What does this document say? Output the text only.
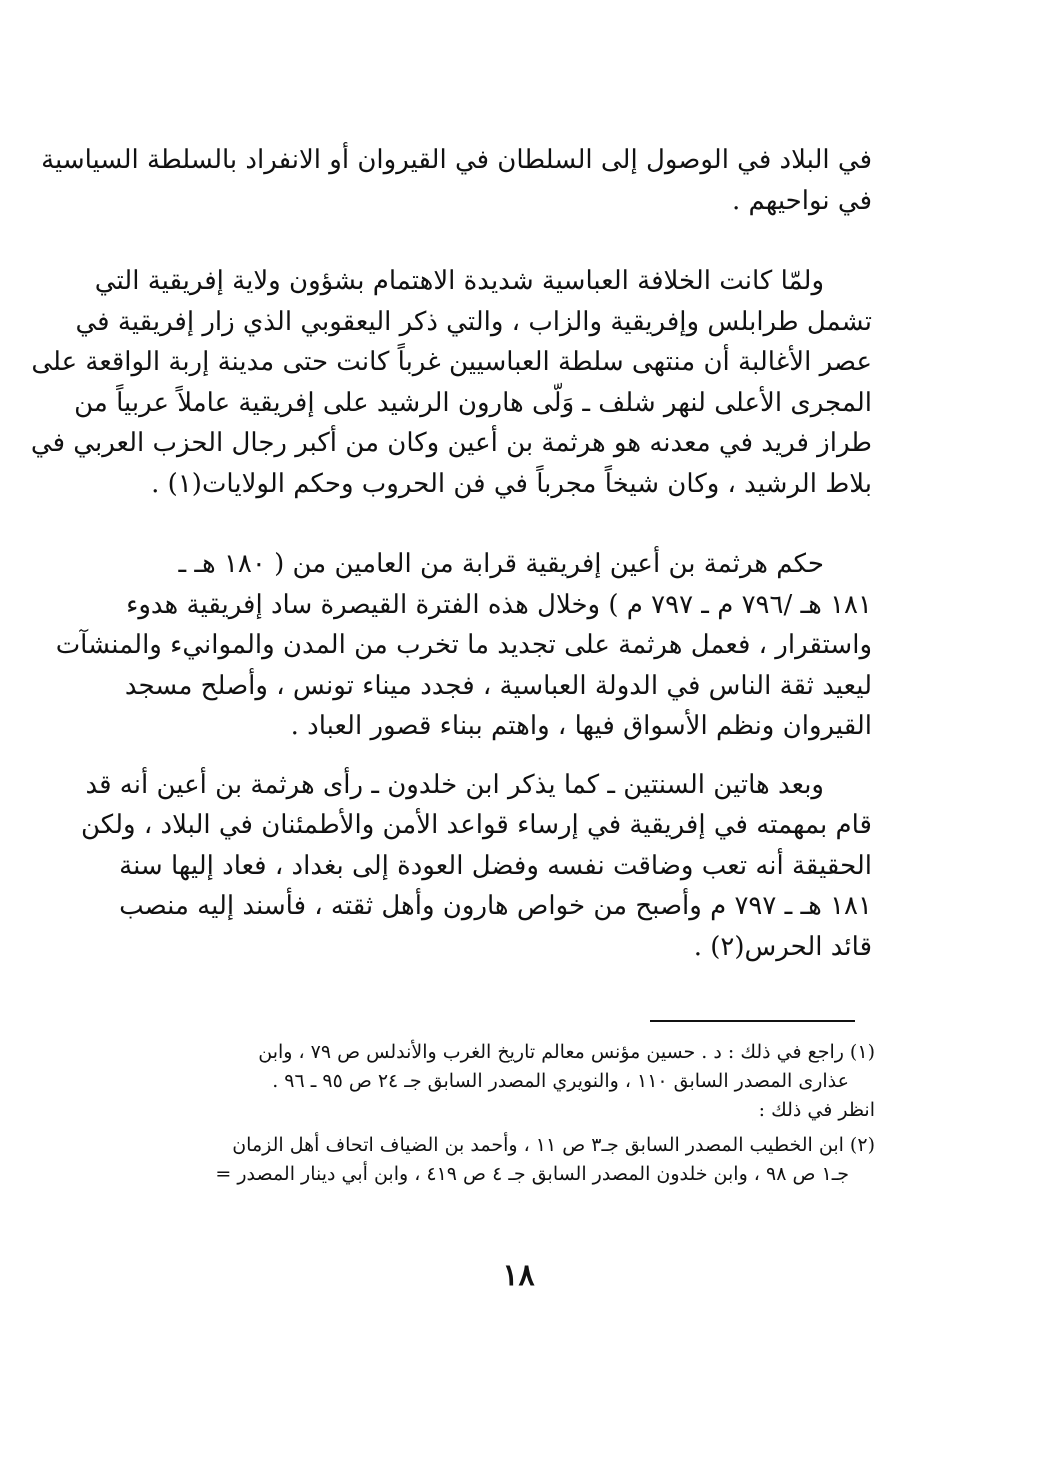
في البلاد في الوصول إلى السلطان في القيروان أو الانفراد بالسلطة السياسية
في نواحيهم .

ولمّا كانت الخلافة العباسية شديدة الاهتمام بشؤون ولاية إفريقية التي
تشمل طرابلس وإفريقية والزاب ، والتي ذكر اليعقوبي الذي زار إفريقية في
عصر الأغالبة أن منتهى سلطة العباسيين غرباً كانت حتى مدينة إربة الواقعة على
المجرى الأعلى لنهر شلف ـ وَلّى هارون الرشيد على إفريقية عاملاً عربياً من
طراز فريد في معدنه هو هرثمة بن أعين وكان من أكبر رجال الحزب العربي في
بلاط الرشيد ، وكان شيخاً مجرباً في فن الحروب وحكم الولايات(١) .

حكم هرثمة بن أعين إفريقية قرابة من العامين من ( ١٨٠ هـ ـ
١٨١ هـ /٧٩٦ م ـ ٧٩٧ م ) وخلال هذه الفترة القيصرة ساد إفريقية هدوء
واستقرار ، فعمل هرثمة على تجديد ما تخرب من المدن والموانيء والمنشآت
ليعيد ثقة الناس في الدولة العباسية ، فجدد ميناء تونس ، وأصلح مسجد
القيروان ونظم الأسواق فيها ، واهتم ببناء قصور العباد .

وبعد هاتين السنتين ـ كما يذكر ابن خلدون ـ رأى هرثمة بن أعين أنه قد
قام بمهمته في إفريقية في إرساء قواعد الأمن والأطمئنان في البلاد ، ولكن
الحقيقة أنه تعب وضاقت نفسه وفضل العودة إلى بغداد ، فعاد إليها سنة
١٨١ هـ ـ ٧٩٧ م وأصبح من خواص هارون وأهل ثقته ، فأسند إليه منصب
قائد الحرس(٢) .

(١) راجع في ذلك : د . حسين مؤنس معالم تاريخ الغرب والأندلس ص ٧٩ ، وابن
عذارى المصدر السابق ١١٠ ، والنويري المصدر السابق جـ ٢٤ ص ٩٥ ـ ٩٦ .
انظر في ذلك :
(٢) ابن الخطيب المصدر السابق جـ٣ ص ١١ ، وأحمد بن الضياف اتحاف أهل الزمان
جـ١ ص ٩٨ ، وابن خلدون المصدر السابق جـ ٤ ص ٤١٩ ، وابن أبي دينار المصدر =
١٨
